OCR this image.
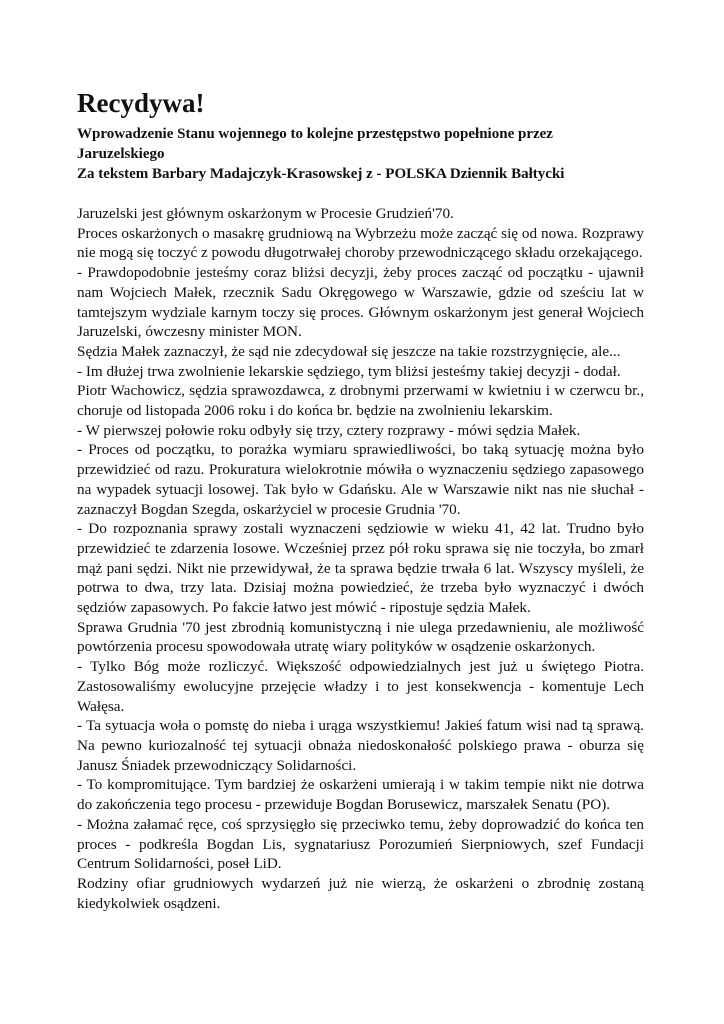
Recydywa!

Wprowadzenie Stanu wojennego to kolejne przestępstwo popełnione przez Jaruzelskiego

Za tekstem Barbary Madajczyk-Krasowskej z - POLSKA Dziennik Bałtycki

Jaruzelski jest głównym oskarżonym w Procesie Grudzień'70.

Proces oskarżonych o masakrę grudniową na Wybrzeżu może zacząć się od nowa. Rozprawy nie mogą się toczyć z powodu długotrwałej choroby przewodniczącego składu orzekającego.

- Prawdopodobnie jesteśmy coraz bliżsi decyzji, żeby proces zacząć od początku - ujawnił nam Wojciech Małek, rzecznik Sadu Okręgowego w Warszawie, gdzie od sześciu lat w tamtejszym wydziale karnym toczy się proces. Głównym oskarżonym jest generał Wojciech Jaruzelski, ówczesny minister MON.

Sędzia Małek zaznaczył, że sąd nie zdecydował się jeszcze na takie rozstrzygnięcie, ale...

- Im dłużej trwa zwolnienie lekarskie sędziego, tym bliżsi jesteśmy takiej decyzji - dodał.

Piotr Wachowicz, sędzia sprawozdawca, z drobnymi przerwami w kwietniu i w czerwcu br., choruje od listopada 2006 roku i do końca br. będzie na zwolnieniu lekarskim.

- W pierwszej połowie roku odbyły się trzy, cztery rozprawy - mówi sędzia Małek.

- Proces od początku, to porażka wymiaru sprawiedliwości, bo taką sytuację można było przewidzieć od razu. Prokuratura wielokrotnie mówiła o wyznaczeniu sędziego zapasowego na wypadek sytuacji losowej. Tak było w Gdańsku. Ale w Warszawie nikt nas nie słuchał - zaznaczył Bogdan Szegda, oskarżyciel w procesie Grudnia '70.

- Do rozpoznania sprawy zostali wyznaczeni sędziowie w wieku 41, 42 lat. Trudno było przewidzieć te zdarzenia losowe. Wcześniej przez pół roku sprawa się nie toczyła, bo zmarł mąż pani sędzi. Nikt nie przewidywał, że ta sprawa będzie trwała 6 lat. Wszyscy myśleli, że potrwa to dwa, trzy lata. Dzisiaj można powiedzieć, że trzeba było wyznaczyć i dwóch sędziów zapasowych. Po fakcie łatwo jest mówić - ripostuje sędzia Małek.

Sprawa Grudnia '70 jest zbrodnią komunistyczną i nie ulega przedawnieniu, ale możliwość powtórzenia procesu spowodowała utratę wiary polityków w osądzenie oskarżonych.

- Tylko Bóg może rozliczyć. Większość odpowiedzialnych jest już u świętego Piotra. Zastosowaliśmy ewolucyjne przejęcie władzy i to jest konsekwencja - komentuje Lech Wałęsa.

- Ta sytuacja woła o pomstę do nieba i urąga wszystkiemu! Jakieś fatum wisi nad tą sprawą. Na pewno kuriozalność tej sytuacji obnaża niedoskonałość polskiego prawa - oburza się Janusz Śniadek przewodniczący Solidarności.

- To kompromitujące. Tym bardziej że oskarżeni umierają i w takim tempie nikt nie dotrwa do zakończenia tego procesu - przewiduje Bogdan Borusewicz, marszałek Senatu (PO).

- Można załamać ręce, coś sprzysięgło się przeciwko temu, żeby doprowadzić do końca ten proces - podkreśla Bogdan Lis, sygnatariusz Porozumień Sierpniowych, szef Fundacji Centrum Solidarności, poseł LiD.

Rodziny ofiar grudniowych wydarzeń już nie wierzą, że oskarżeni o zbrodnię zostaną kiedykolwiek osądzeni.
